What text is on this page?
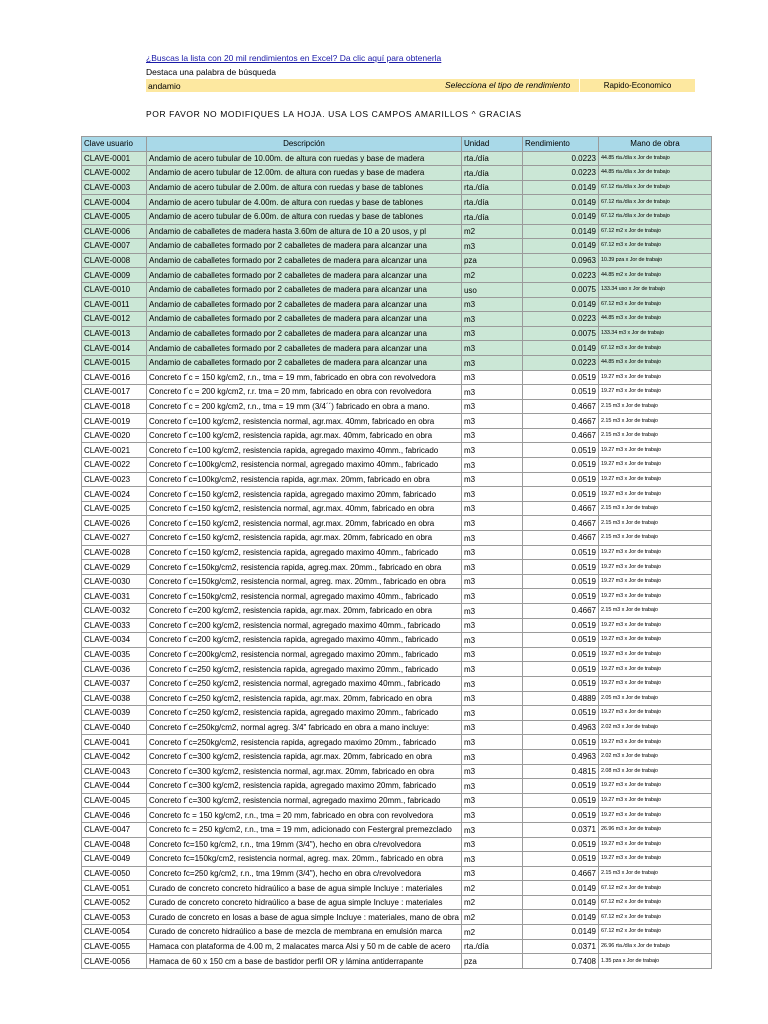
¿Buscas la lista con 20 mil rendimientos en Excel? Da clic aquí para obtenerla
Destaca una palabra de búsqueda
andamio
Selecciona el tipo de rendimiento	Rapido-Economico
POR FAVOR NO MODIFIQUES LA HOJA. USA LOS CAMPOS AMARILLOS ^ GRACIAS
Clave usuario	Descripción	Unidad	Rendimiento	Mano de obra
CLAVE-0001	Andamio de acero tubular de 10.00m. de altura con ruedas y base de madera	rta./día	0.0223	44.85 rta./día x Jor de trabajo
CLAVE-0002	Andamio de acero tubular de 12.00m. de altura con ruedas y base de madera	rta./día	0.0223	44.85 rta./día x Jor de trabajo
CLAVE-0003	Andamio de acero tubular de 2.00m. de altura con ruedas y base de tablones	rta./día	0.0149	67.12 rta./día x Jor de trabajo
CLAVE-0004	Andamio de acero tubular de 4.00m. de altura con ruedas y base de tablones	rta./día	0.0149	67.12 rta./día x Jor de trabajo
CLAVE-0005	Andamio de acero tubular de 6.00m. de altura con ruedas y base de tablones	rta./día	0.0149	67.12 rta./día x Jor de trabajo
CLAVE-0006	Andamio de caballetes de madera hasta 3.60m de altura de 10 a 20 usos, y pl	m2	0.0149	67.12 m2 x Jor de trabajo
CLAVE-0007	Andamio de caballetes formado por 2 caballetes de madera para alcanzar una	m3	0.0149	67.12 m3 x Jor de trabajo
CLAVE-0008	Andamio de caballetes formado por 2 caballetes de madera para alcanzar una	pza	0.0963	10.39 pza x Jor de trabajo
CLAVE-0009	Andamio de caballetes formado por 2 caballetes de madera para alcanzar una	m2	0.0223	44.85 m2 x Jor de trabajo
CLAVE-0010	Andamio de caballetes formado por 2 caballetes de madera para alcanzar una	uso	0.0075	133.34 uso x Jor de trabajo
CLAVE-0011	Andamio de caballetes formado por 2 caballetes de madera para alcanzar una	m3	0.0149	67.12 m3 x Jor de trabajo
CLAVE-0012	Andamio de caballetes formado por 2 caballetes de madera para alcanzar una	m3	0.0223	44.85 m3 x Jor de trabajo
CLAVE-0013	Andamio de caballetes formado por 2 caballetes de madera para alcanzar una	m3	0.0075	133.34 m3 x Jor de trabajo
CLAVE-0014	Andamio de caballetes formado por 2 caballetes de madera para alcanzar una	m3	0.0149	67.12 m3 x Jor de trabajo
CLAVE-0015	Andamio de caballetes formado por 2 caballetes de madera para alcanzar una	m3	0.0223	44.85 m3 x Jor de trabajo
CLAVE-0016	Concreto f´c = 150 kg/cm2, r.n., tma = 19 mm, fabricado en obra con revolvedora	m3	0.0519	19.27 m3 x Jor de trabajo
CLAVE-0017	Concreto f´c = 200 kg/cm2, r.r. tma = 20 mm, fabricado en obra con revolvedora	m3	0.0519	19.27 m3 x Jor de trabajo
CLAVE-0018	Concreto f´c = 200 kg/cm2, r.n., tma = 19 mm (3/4´´) fabricado en obra a mano.	m3	0.4667	2.15 m3 x Jor de trabajo
CLAVE-0019	Concreto f´c=100 kg/cm2, resistencia normal, agr.max. 40mm, fabricado en obra	m3	0.4667	2.15 m3 x Jor de trabajo
CLAVE-0020	Concreto f´c=100 kg/cm2, resistencia rapida, agr.max. 40mm, fabricado en obra	m3	0.4667	2.15 m3 x Jor de trabajo
CLAVE-0021	Concreto f´c=100 kg/cm2, resistencia rapida, agregado maximo 40mm., fabricado	m3	0.0519	19.27 m3 x Jor de trabajo
CLAVE-0022	Concreto f´c=100kg/cm2, resistencia normal, agregado maximo 40mm., fabricado	m3	0.0519	19.27 m3 x Jor de trabajo
CLAVE-0023	Concreto f´c=100kg/cm2, resistencia rapida, agr.max. 20mm, fabricado en obra	m3	0.0519	19.27 m3 x Jor de trabajo
CLAVE-0024	Concreto f´c=150 kg/cm2, resistencia rapida, agregado maximo 20mm, fabricado	m3	0.0519	19.27 m3 x Jor de trabajo
CLAVE-0025	Concreto f´c=150 kg/cm2, resistencia normal, agr.max. 40mm, fabricado en obra	m3	0.4667	2.15 m3 x Jor de trabajo
CLAVE-0026	Concreto f´c=150 kg/cm2, resistencia normal, agr.max. 20mm, fabricado en obra	m3	0.4667	2.15 m3 x Jor de trabajo
CLAVE-0027	Concreto f´c=150 kg/cm2, resistencia rapida, agr.max. 20mm, fabricado en obra	m3	0.4667	2.15 m3 x Jor de trabajo
CLAVE-0028	Concreto f´c=150 kg/cm2, resistencia rapida, agregado maximo 40mm., fabricado	m3	0.0519	19.27 m3 x Jor de trabajo
CLAVE-0029	Concreto f´c=150kg/cm2, resistencia rapida, agreg.max. 20mm., fabricado en obra	m3	0.0519	19.27 m3 x Jor de trabajo
CLAVE-0030	Concreto f´c=150kg/cm2, resistencia normal, agreg. max. 20mm., fabricado en obra	m3	0.0519	19.27 m3 x Jor de trabajo
CLAVE-0031	Concreto f´c=150kg/cm2, resistencia normal, agregado maximo 40mm., fabricado	m3	0.0519	19.27 m3 x Jor de trabajo
CLAVE-0032	Concreto f´c=200 kg/cm2, resistencia rapida, agr.max. 20mm, fabricado en obra	m3	0.4667	2.15 m3 x Jor de trabajo
CLAVE-0033	Concreto f´c=200 kg/cm2, resistencia normal, agregado maximo 40mm., fabricado	m3	0.0519	19.27 m3 x Jor de trabajo
CLAVE-0034	Concreto f´c=200 kg/cm2, resistencia rapida, agregado maximo 40mm., fabricado	m3	0.0519	19.27 m3 x Jor de trabajo
CLAVE-0035	Concreto f´c=200kg/cm2, resistencia normal, agregado maximo 20mm., fabricado	m3	0.0519	19.27 m3 x Jor de trabajo
CLAVE-0036	Concreto f´c=250 kg/cm2, resistencia rapida, agregado maximo 20mm., fabricado	m3	0.0519	19.27 m3 x Jor de trabajo
CLAVE-0037	Concreto f´c=250 kg/cm2, resistencia normal, agregado maximo 40mm., fabricado	m3	0.0519	19.27 m3 x Jor de trabajo
CLAVE-0038	Concreto f´c=250 kg/cm2, resistencia rapida, agr.max. 20mm, fabricado en obra	m3	0.4889	2.05 m3 x Jor de trabajo
CLAVE-0039	Concreto f´c=250 kg/cm2, resistencia rapida, agregado maximo 20mm., fabricado	m3	0.0519	19.27 m3 x Jor de trabajo
CLAVE-0040	Concreto f´c=250kg/cm2, normal agreg. 3/4" fabricado en obra a mano incluye:	m3	0.4963	2.02 m3 x Jor de trabajo
CLAVE-0041	Concreto f´c=250kg/cm2, resistencia rapida, agregado maximo 20mm., fabricado	m3	0.0519	19.27 m3 x Jor de trabajo
CLAVE-0042	Concreto f´c=300 kg/cm2, resistencia rapida, agr.max. 20mm, fabricado en obra	m3	0.4963	2.02 m3 x Jor de trabajo
CLAVE-0043	Concreto f´c=300 kg/cm2, resistencia normal, agr.max. 20mm, fabricado en obra	m3	0.4815	2.08 m3 x Jor de trabajo
CLAVE-0044	Concreto f´c=300 kg/cm2, resistencia rapida, agregado maximo 20mm, fabricado	m3	0.0519	19.27 m3 x Jor de trabajo
CLAVE-0045	Concreto f´c=300 kg/cm2, resistencia normal, agregado maximo 20mm., fabricado	m3	0.0519	19.27 m3 x Jor de trabajo
CLAVE-0046	Concreto fc = 150 kg/cm2, r.n., tma = 20 mm, fabricado en obra con revolvedora	m3	0.0519	19.27 m3 x Jor de trabajo
CLAVE-0047	Concreto fc = 250 kg/cm2, r.n., tma = 19 mm, adicionado con Festergral premezclado	m3	0.0371	26.96 m3 x Jor de trabajo
CLAVE-0048	Concreto fc=150 kg/cm2, r.n., tma 19mm (3/4"), hecho en obra c/revolvedora	m3	0.0519	19.27 m3 x Jor de trabajo
CLAVE-0049	Concreto fc=150kg/cm2, resistencia normal, agreg. max. 20mm., fabricado en obra	m3	0.0519	19.27 m3 x Jor de trabajo
CLAVE-0050	Concreto fc=250 kg/cm2, r.n., tma 19mm (3/4"), hecho en obra c/revolvedora	m3	0.4667	2.15 m3 x Jor de trabajo
CLAVE-0051	Curado de concreto concreto hidraúlico a base de agua simple Incluye : materiales	m2	0.0149	67.12 m2 x Jor de trabajo
CLAVE-0052	Curado de concreto concreto hidraúlico a base de agua simple Incluye : materiales	m2	0.0149	67.12 m2 x Jor de trabajo
CLAVE-0053	Curado de concreto en losas a base de agua simple Incluye : materiales, mano de obra	m2	0.0149	67.12 m2 x Jor de trabajo
CLAVE-0054	Curado de concreto hidraúlico a base de mezcla de membrana en emulsión marca	m2	0.0149	67.12 m2 x Jor de trabajo
CLAVE-0055	Hamaca con plataforma de 4.00 m, 2 malacates marca Alsi y 50 m de cable de acero	rta./día	0.0371	26.96 rta./día x Jor de trabajo
CLAVE-0056	Hamaca de 60 x 150 cm a base de bastidor perfil OR y lámina antiderrapante	pza	0.7408	1.35 pza x Jor de trabajo
